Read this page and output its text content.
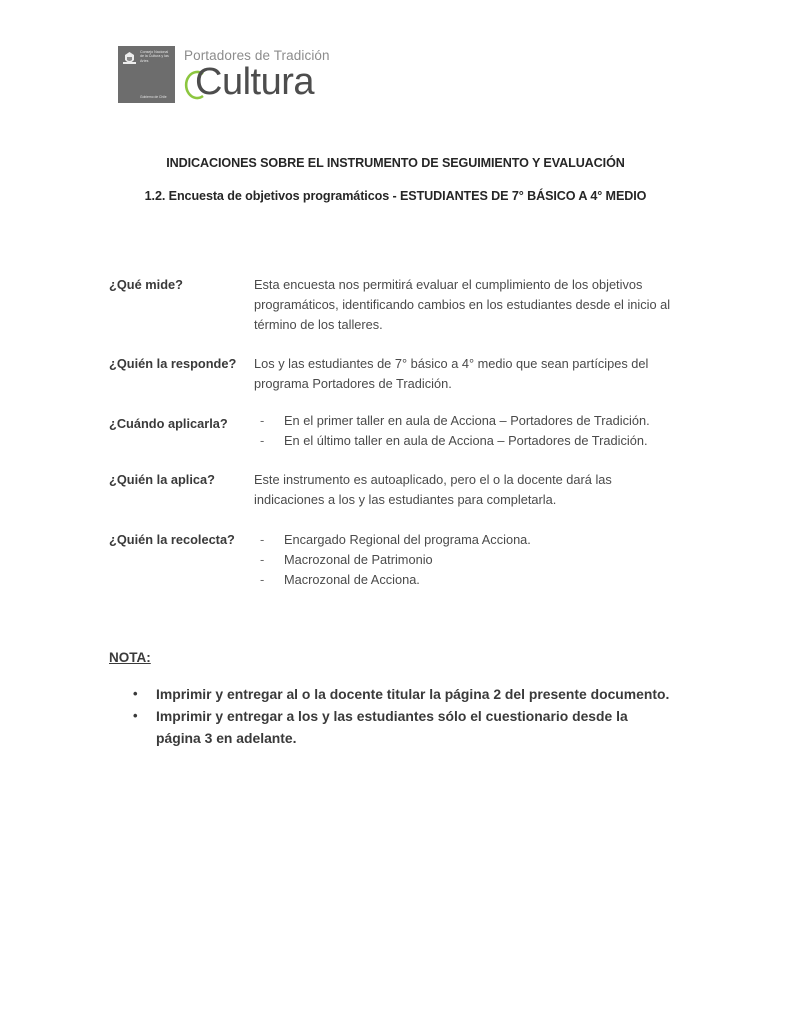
Consejo Nacional de la Cultura y las Artes
Gobierno de Chile
Portadores de Tradición
Cultura
INDICACIONES SOBRE EL INSTRUMENTO DE SEGUIMIENTO Y EVALUACIÓN
1.2. Encuesta de objetivos programáticos - ESTUDIANTES DE 7° BÁSICO A 4° MEDIO
¿Qué mide?	Esta encuesta nos permitirá evaluar el cumplimiento de los objetivos programáticos, identificando cambios en los estudiantes desde el inicio al término de los talleres.
¿Quién la responde?	Los y las estudiantes de 7° básico a 4° medio que sean partícipes del programa Portadores de Tradición.
¿Cuándo aplicarla?	- En el primer taller en aula de Acciona – Portadores de Tradición.
- En el último taller en aula de Acciona – Portadores de Tradición.
¿Quién la aplica?	Este instrumento es autoaplicado, pero el o la docente dará las indicaciones a los y las estudiantes para completarla.
¿Quién la recolecta?	- Encargado Regional del programa Acciona.
- Macrozonal de Patrimonio
- Macrozonal de Acciona.
NOTA:
• Imprimir y entregar al o la docente titular la página 2 del presente documento.
• Imprimir y entregar a los y las estudiantes sólo el cuestionario desde la página 3 en adelante.
